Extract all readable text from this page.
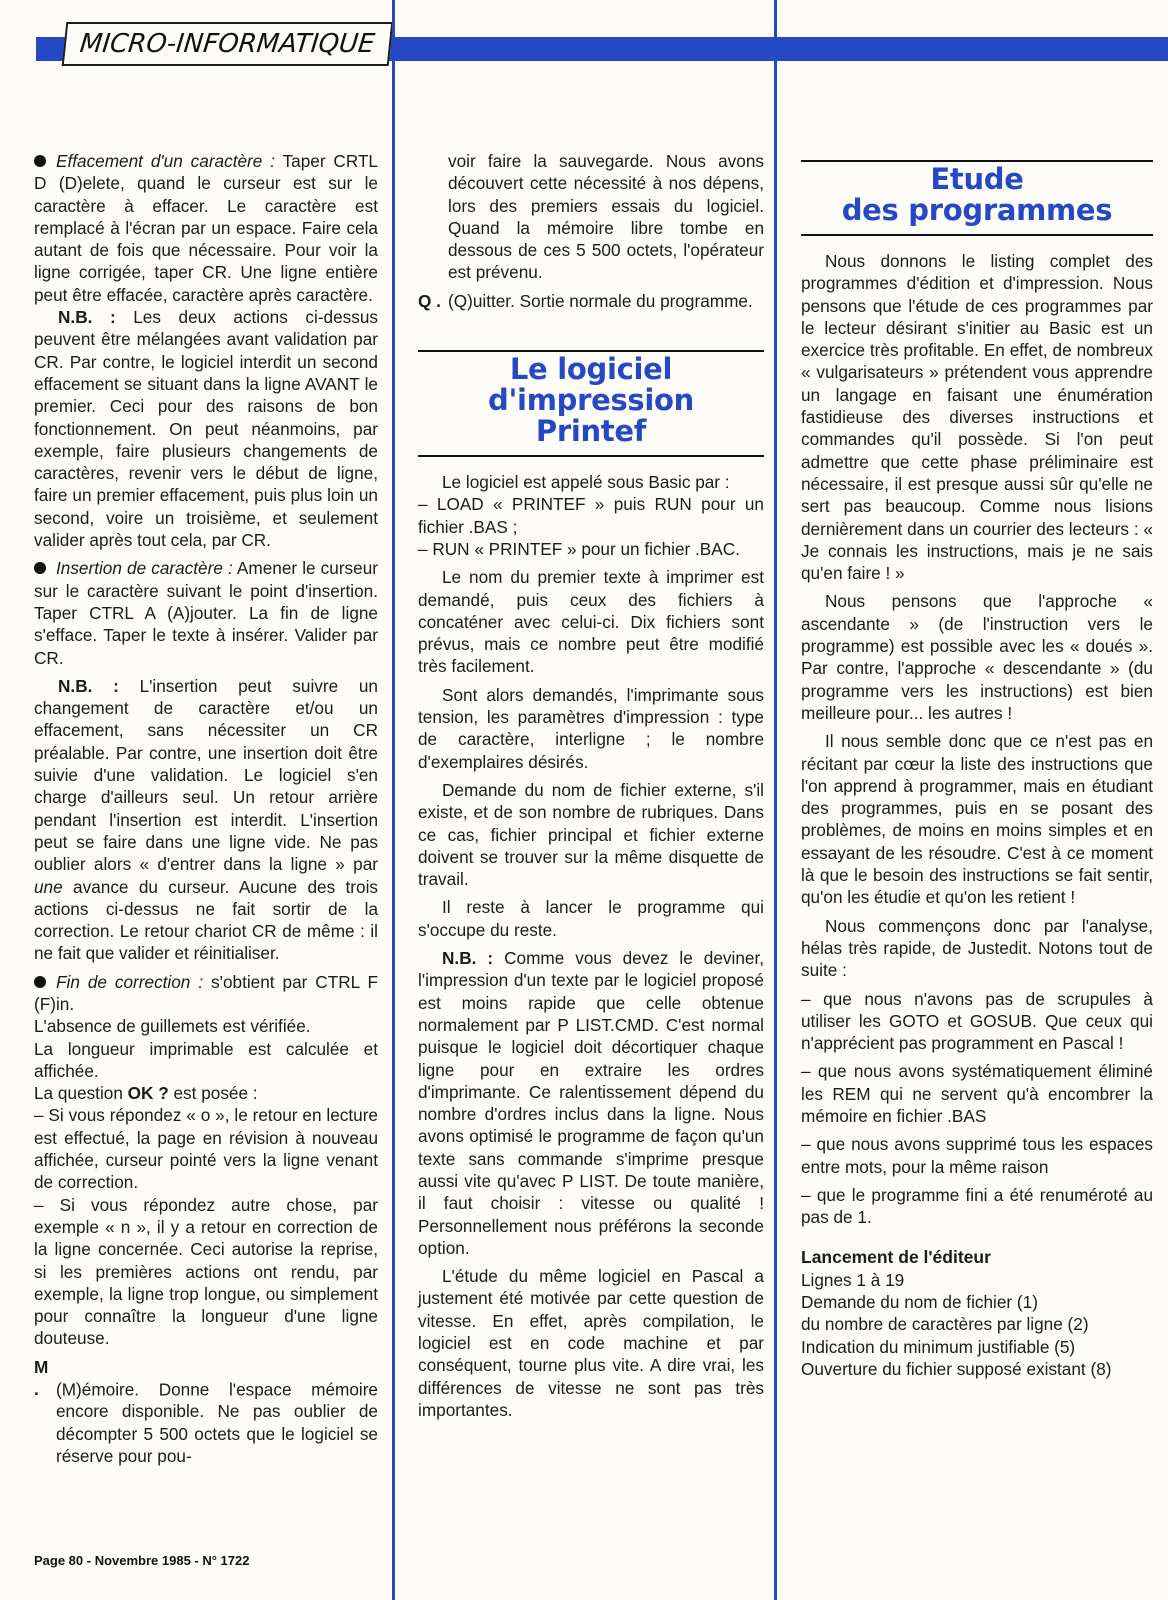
MICRO-INFORMATIQUE

Effacement d'un caractère : Taper CRTL D (D)elete, quand le curseur est sur le caractère à effacer. Le caractère est remplacé à l'écran par un espace. Faire cela autant de fois que nécessaire. Pour voir la ligne corrigée, taper CR. Une ligne entière peut être effacée, caractère après caractère.

N.B. : Les deux actions ci-dessus peuvent être mélangées avant validation par CR. Par contre, le logiciel interdit un second effacement se situant dans la ligne AVANT le premier. Ceci pour des raisons de bon fonctionnement. On peut néanmoins, par exemple, faire plusieurs changements de caractères, revenir vers le début de ligne, faire un premier effacement, puis plus loin un second, voire un troisième, et seulement valider après tout cela, par CR.

Insertion de caractère : Amener le curseur sur le caractère suivant le point d'insertion. Taper CTRL A (A)jouter. La fin de ligne s'efface. Taper le texte à insérer. Valider par CR.

N.B. : L'insertion peut suivre un changement de caractère et/ou un effacement, sans nécessiter un CR préalable. Par contre, une insertion doit être suivie d'une validation. Le logiciel s'en charge d'ailleurs seul. Un retour arrière pendant l'insertion est interdit. L'insertion peut se faire dans une ligne vide. Ne pas oublier alors « d'entrer dans la ligne » par une avance du curseur. Aucune des trois actions ci-dessus ne fait sortir de la correction. Le retour chariot CR de même : il ne fait que valider et réinitialiser.

Fin de correction : s'obtient par CTRL F (F)in.

L'absence de guillemets est vérifiée.

La longueur imprimable est calculée et affichée.

La question OK ? est posée :

– Si vous répondez « o », le retour en lecture est effectué, la page en révision à nouveau affichée, curseur pointé vers la ligne venant de correction.

– Si vous répondez autre chose, par exemple « n », il y a retour en correction de la ligne concernée. Ceci autorise la reprise, si les premières actions ont rendu, par exemple, la ligne trop longue, ou simplement pour connaître la longueur d'une ligne douteuse.

M . (M)émoire. Donne l'espace mémoire encore disponible. Ne pas oublier de décompter 5 500 octets que le logiciel se réserve pour pou-

voir faire la sauvegarde. Nous avons découvert cette nécessité à nos dépens, lors des premiers essais du logiciel. Quand la mémoire libre tombe en dessous de ces 5 500 octets, l'opérateur est prévenu.

Q . (Q)uitter. Sortie normale du programme.

Le logiciel
d'impression
Printef

Le logiciel est appelé sous Basic par :

– LOAD « PRINTEF » puis RUN pour un fichier .BAS ;

– RUN « PRINTEF » pour un fichier .BAC.

Le nom du premier texte à imprimer est demandé, puis ceux des fichiers à concaténer avec celui-ci. Dix fichiers sont prévus, mais ce nombre peut être modifié très facilement.

Sont alors demandés, l'imprimante sous tension, les paramètres d'impression : type de caractère, interligne ; le nombre d'exemplaires désirés.

Demande du nom de fichier externe, s'il existe, et de son nombre de rubriques. Dans ce cas, fichier principal et fichier externe doivent se trouver sur la même disquette de travail.

Il reste à lancer le programme qui s'occupe du reste.

N.B. : Comme vous devez le deviner, l'impression d'un texte par le logiciel proposé est moins rapide que celle obtenue normalement par P LIST.CMD. C'est normal puisque le logiciel doit décortiquer chaque ligne pour en extraire les ordres d'imprimante. Ce ralentissement dépend du nombre d'ordres inclus dans la ligne. Nous avons optimisé le programme de façon qu'un texte sans commande s'imprime presque aussi vite qu'avec P LIST. De toute manière, il faut choisir : vitesse ou qualité ! Personnellement nous préférons la seconde option.

L'étude du même logiciel en Pascal a justement été motivée par cette question de vitesse. En effet, après compilation, le logiciel est en code machine et par conséquent, tourne plus vite. A dire vrai, les différences de vitesse ne sont pas très importantes.

Etude
des programmes

Nous donnons le listing complet des programmes d'édition et d'impression. Nous pensons que l'étude de ces programmes par le lecteur désirant s'initier au Basic est un exercice très profitable. En effet, de nombreux « vulgarisateurs » prétendent vous apprendre un langage en faisant une énumération fastidieuse des diverses instructions et commandes qu'il possède. Si l'on peut admettre que cette phase préliminaire est nécessaire, il est presque aussi sûr qu'elle ne sert pas beaucoup. Comme nous lisions dernièrement dans un courrier des lecteurs : « Je connais les instructions, mais je ne sais qu'en faire ! »

Nous pensons que l'approche « ascendante » (de l'instruction vers le programme) est possible avec les « doués ». Par contre, l'approche « descendante » (du programme vers les instructions) est bien meilleure pour... les autres !

Il nous semble donc que ce n'est pas en récitant par cœur la liste des instructions que l'on apprend à programmer, mais en étudiant des programmes, puis en se posant des problèmes, de moins en moins simples et en essayant de les résoudre. C'est à ce moment là que le besoin des instructions se fait sentir, qu'on les étudie et qu'on les retient !

Nous commençons donc par l'analyse, hélas très rapide, de Justedit. Notons tout de suite :

– que nous n'avons pas de scrupules à utiliser les GOTO et GOSUB. Que ceux qui n'apprécient pas programment en Pascal !

– que nous avons systématiquement éliminé les REM qui ne servent qu'à encombrer la mémoire en fichier .BAS

– que nous avons supprimé tous les espaces entre mots, pour la même raison

– que le programme fini a été renuméroté au pas de 1.

Lancement de l'éditeur

Lignes 1 à 19

Demande du nom de fichier (1)

du nombre de caractères par ligne (2)

Indication du minimum justifiable (5)

Ouverture du fichier supposé existant (8)

Page 80 - Novembre 1985 - N° 1722
